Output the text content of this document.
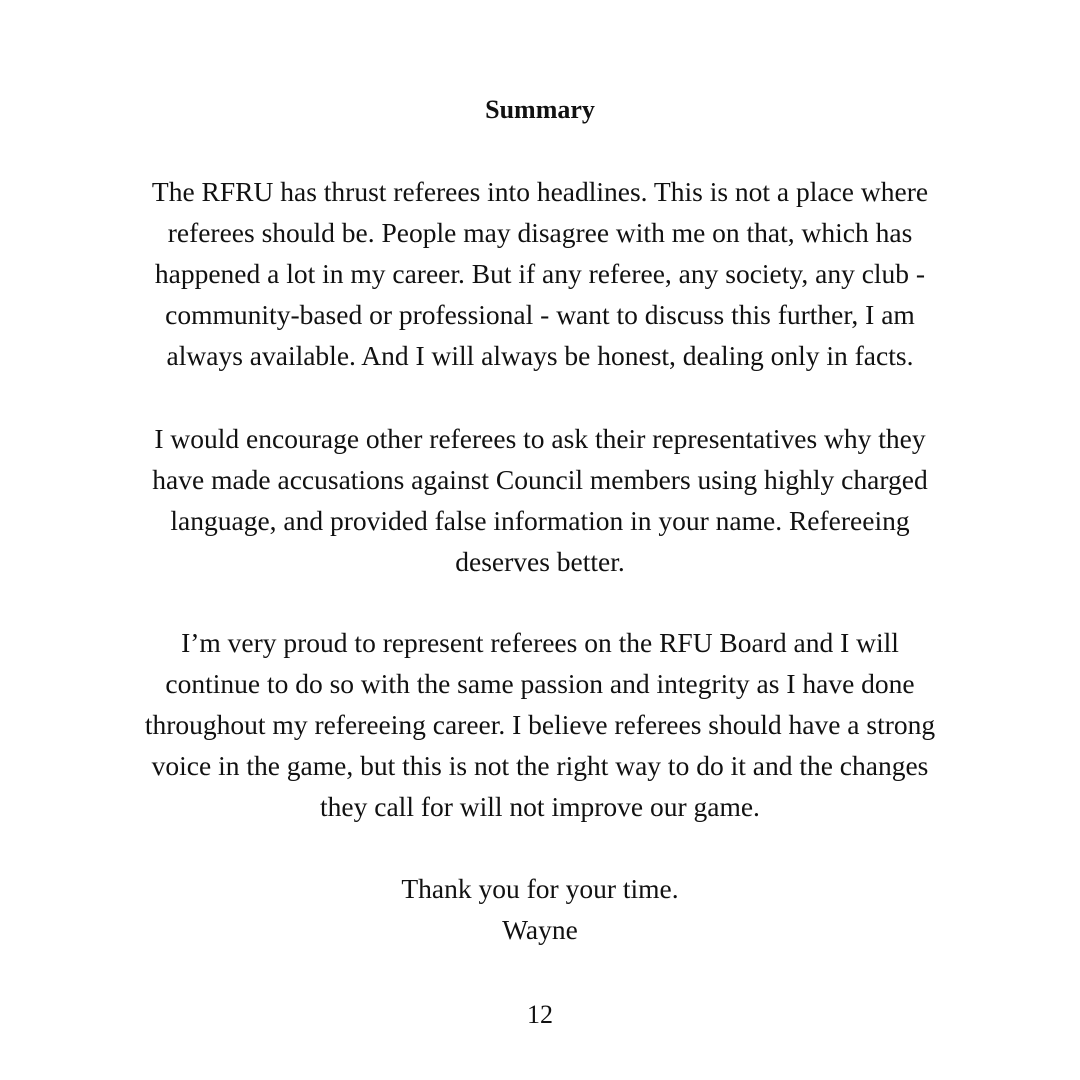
Summary

The RFRU has thrust referees into headlines. This is not a place where
referees should be. People may disagree with me on that, which has
happened a lot in my career. But if any referee, any society, any club -
community-based or professional - want to discuss this further, I am
always available. And I will always be honest, dealing only in facts.

I would encourage other referees to ask their representatives why they
have made accusations against Council members using highly charged
language, and provided false information in your name. Refereeing
deserves better.

I’m very proud to represent referees on the RFU Board and I will
continue to do so with the same passion and integrity as I have done
throughout my refereeing career. I believe referees should have a strong
voice in the game, but this is not the right way to do it and the changes
they call for will not improve our game.

Thank you for your time.
Wayne

12
